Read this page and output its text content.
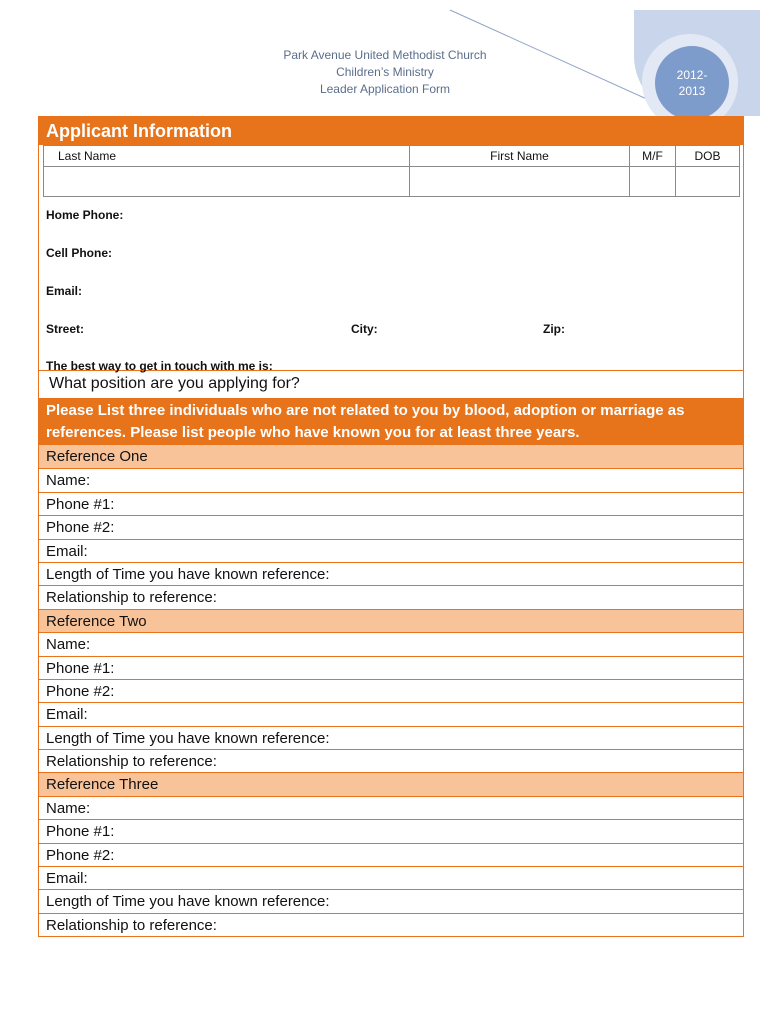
2012-
2013
Park Avenue United Methodist Church
Children’s Ministry
Leader Application Form
Applicant Information
Last Name	First Name	M/F	DOB

Home Phone:
Cell Phone:
Email:
Street:	City:	Zip:
The best way to get in touch with me is:
What position are you applying for?
Please List three individuals who are not related to you by blood, adoption or marriage as
references. Please list people who have known you for at least three years.
Reference One
Name:
Phone #1:
Phone #2:
Email:
Length of Time you have known reference:
Relationship to reference:
Reference Two
Name:
Phone #1:
Phone #2:
Email:
Length of Time you have known reference:
Relationship to reference:
Reference Three
Name:
Phone #1:
Phone #2:
Email:
Length of Time you have known reference:
Relationship to reference:
